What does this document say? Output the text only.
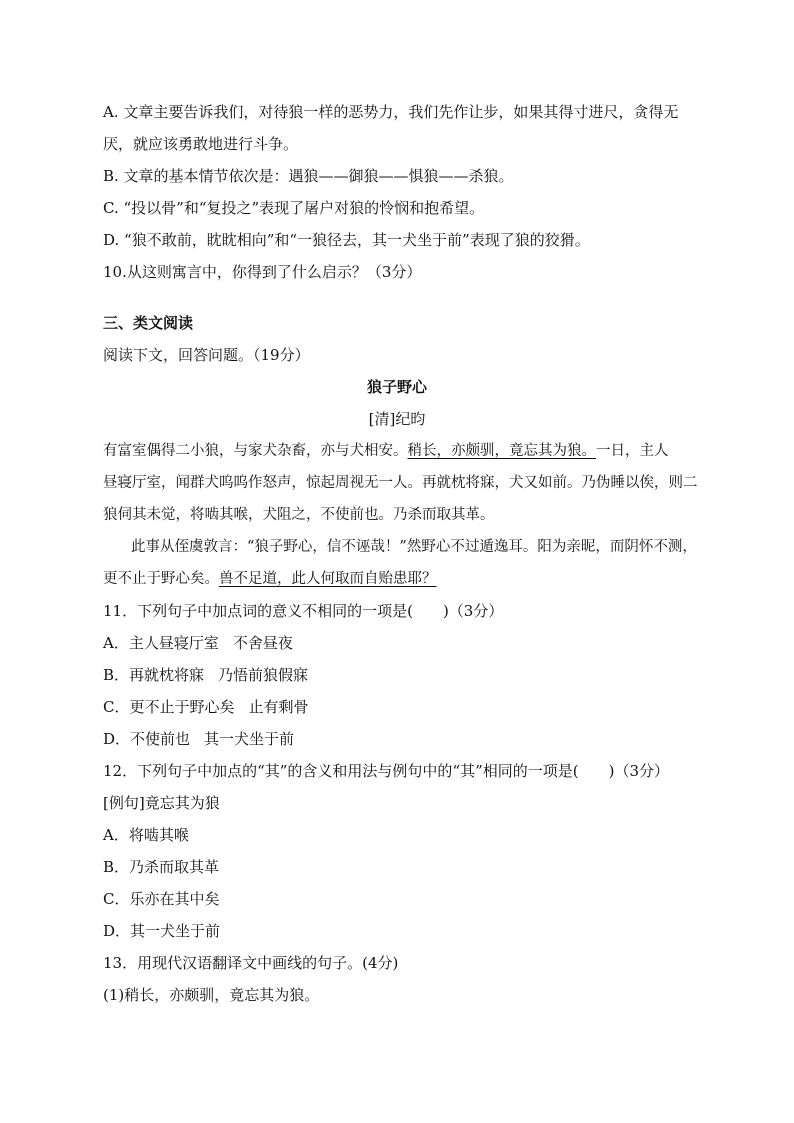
A. 文章主要告诉我们，对待狼一样的恶势力，我们先作让步，如果其得寸进尺，贪得无
厌，就应该勇敢地进行斗争。
B. 文章的基本情节依次是：遇狼——御狼——惧狼——杀狼。
C. “投以骨”和“复投之”表现了屠户对狼的怜悯和抱希望。
D. “狼不敢前，眈眈相向”和“一狼径去，其一犬坐于前”表现了狼的狡猾。
10.从这则寓言中，你得到了什么启示？（3分）
三、类文阅读
阅读下文，回答问题。（19分）
狼子野心
[清]纪昀
有富室偶得二小狼，与家犬杂畜，亦与犬相安。稍长，亦颇驯，竟忘其为狼。一日，主人
昼寝厅室，闻群犬呜呜作怒声，惊起周视无一人。再就枕将寐，犬又如前。乃伪睡以俟，则二
狼伺其未觉，将啮其喉，犬阻之，不使前也。乃杀而取其革。
此事从侄虞敦言：“狼子野心，信不诬哉！”然野心不过遁逸耳。阳为亲昵，而阴怀不测，
更不止于野心矣。兽不足道，此人何取而自贻患耶？
11．下列句子中加点词的意义不相同的一项是(　　)（3分）
A．主人昼寝厅室 不舍昼夜
B．再就枕将寐 乃悟前狼假寐
C．更不止于野心矣 止有剩骨
D．不使前也 其一犬坐于前
12．下列句子中加点的“其”的含义和用法与例句中的“其”相同的一项是(　　)（3分）
[例句]竟忘其为狼
A．将啮其喉
B．乃杀而取其革
C．乐亦在其中矣
D．其一犬坐于前
13．用现代汉语翻译文中画线的句子。(4分)
(1)稍长，亦颇驯，竟忘其为狼。
